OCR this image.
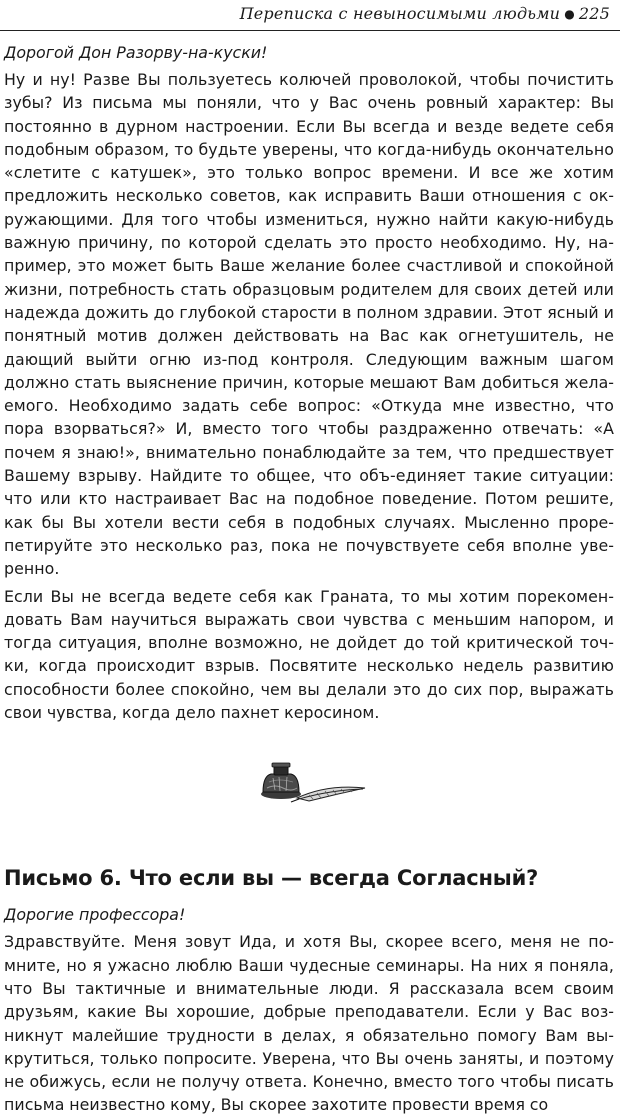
Переписка с невыносимыми людьми ● 225
Дорогой Дон Разорву-на-куски!

Ну и ну! Разве Вы пользуетесь колючей проволокой, чтобы почистить зубы? Из письма мы поняли, что у Вас очень ровный характер: Вы постоянно в дурном настроении. Если Вы всегда и везде ведете себя подобным образом, то будьте уверены, что когда-нибудь окончательно «слетите с катушек», это только вопрос времени. И все же хотим предложить несколько советов, как исправить Ваши отношения с окружающими. Для того чтобы измениться, нужно найти какую-нибудь важную причину, по которой сделать это просто необходимо. Ну, например, это может быть Ваше желание более счастливой и спокойной жизни, потребность стать образцовым родителем для своих детей или надежда дожить до глубокой старости в полном здравии. Этот ясный и понятный мотив должен действовать на Вас как огнетушитель, не дающий выйти огню из-под контроля. Следующим важным шагом должно стать выяснение причин, которые мешают Вам добиться желаемого. Необходимо задать себе вопрос: «Откуда мне известно, что пора взорваться?» И, вместо того чтобы раздраженно отвечать: «А почем я знаю!», внимательно понаблюдайте за тем, что предшествует Вашему взрыву. Найдите то общее, что объ-единяет такие ситуации: что или кто настраивает Вас на подобное поведение. Потом решите, как бы Вы хотели вести себя в подобных случаях. Мысленно прорепетируйте это несколько раз, пока не почувствуете себя вполне уверенно.

Если Вы не всегда ведете себя как Граната, то мы хотим порекомендовать Вам научиться выражать свои чувства с меньшим напором, и тогда ситуация, вполне возможно, не дойдет до той критической точки, когда происходит взрыв. Посвятите несколько недель развитию способности более спокойно, чем вы делали это до сих пор, выражать свои чувства, когда дело пахнет керосином.

Письмо 6. Что если вы — всегда Согласный?
Дорогие профессора!

Здравствуйте. Меня зовут Ида, и хотя Вы, скорее всего, меня не помните, но я ужасно люблю Ваши чудесные семинары. На них я поняла, что Вы тактичные и внимательные люди. Я рассказала всем своим друзьям, какие Вы хорошие, добрые преподаватели. Если у Вас возникнут малейшие трудности в делах, я обязательно помогу Вам выкрутиться, только попросите. Уверена, что Вы очень заняты, и поэтому не обижусь, если не получу ответа. Конечно, вместо того чтобы писать письма неизвестно кому, Вы скорее захотите провести время со
